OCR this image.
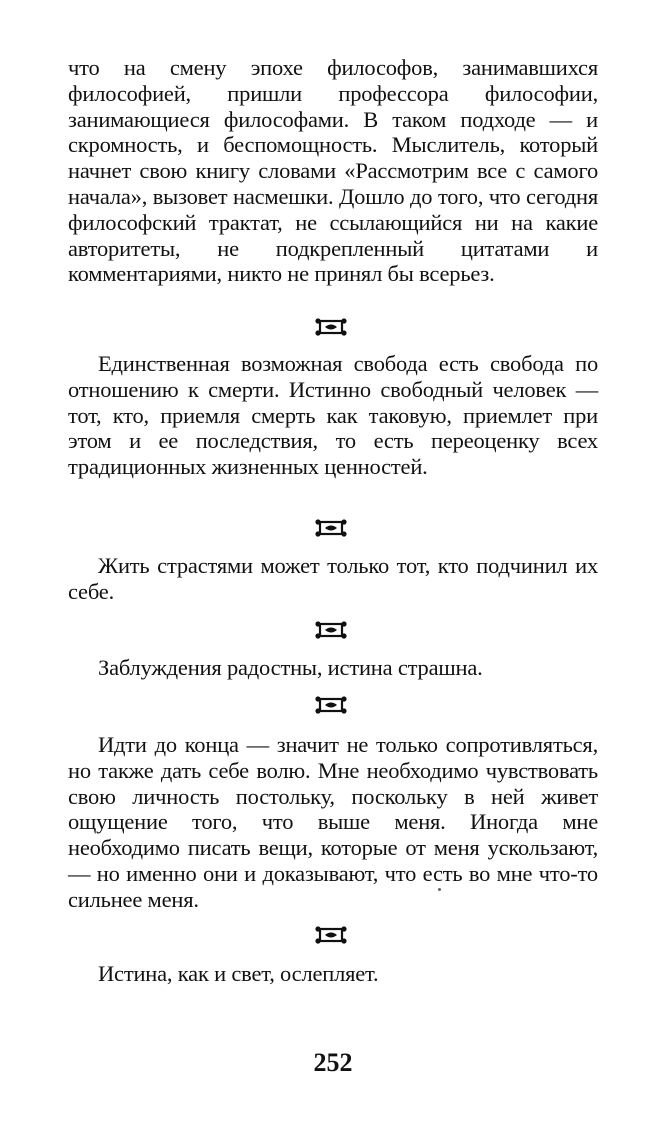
что на смену эпохе философов, занимавшихся философией, пришли профессора философии, занимающиеся философами. В таком подходе — и скромность, и беспомощность. Мыслитель, который начнет свою книгу словами «Рассмотрим все с самого начала», вызовет насмешки. Дошло до того, что сегодня философский трактат, не ссылающийся ни на какие авторитеты, не подкрепленный цитатами и комментариями, никто не принял бы всерьез.

Единственная возможная свобода есть свобода по отношению к смерти. Истинно свободный человек — тот, кто, приемля смерть как таковую, приемлет при этом и ее последствия, то есть переоценку всех традиционных жизненных ценностей.

Жить страстями может только тот, кто подчинил их себе.

Заблуждения радостны, истина страшна.

Идти до конца — значит не только сопротивляться, но также дать себе волю. Мне необходимо чувствовать свою личность постольку, поскольку в ней живет ощущение того, что выше меня. Иногда мне необходимо писать вещи, которые от меня ускользают, — но именно они и доказывают, что есть во мне что-то сильнее меня.

Истина, как и свет, ослепляет.

252
